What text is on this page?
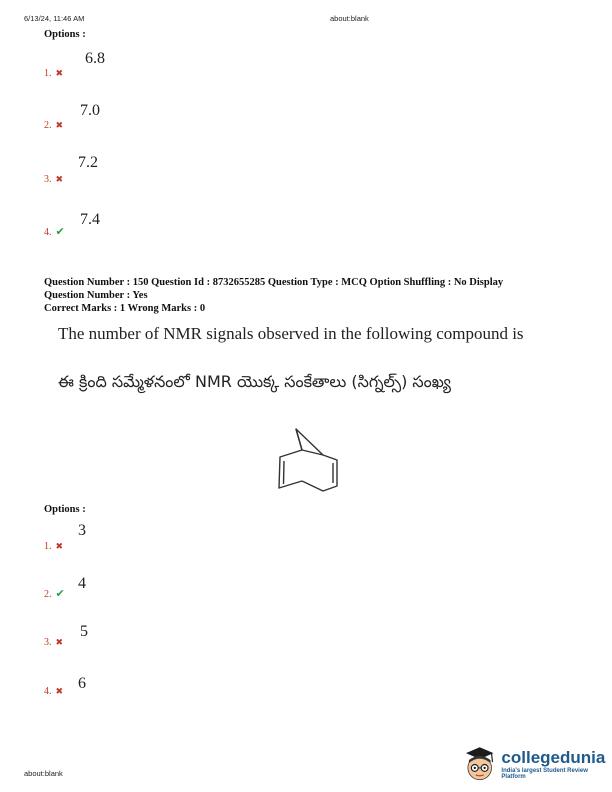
6/13/24, 11:46 AM	about:blank
Options :
6.8
1. ✖
7.0
2. ✖
7.2
3. ✖
7.4
4. ✔
Question Number : 150 Question Id : 8732655285 Question Type : MCQ Option Shuffling : No Display
Question Number : Yes
Correct Marks : 1 Wrong Marks : 0
The number of NMR signals observed in the following compound is
ఈ క్రింది సమ్మేళనంలో NMR యొక్క సంకేతాలు (సిగ్నల్స్) సంఖ్య
Options :
3
1. ✖
4
2. ✔
5
3. ✖
6
4. ✖
about:blank
collegedunia
India's largest Student Review Platform
